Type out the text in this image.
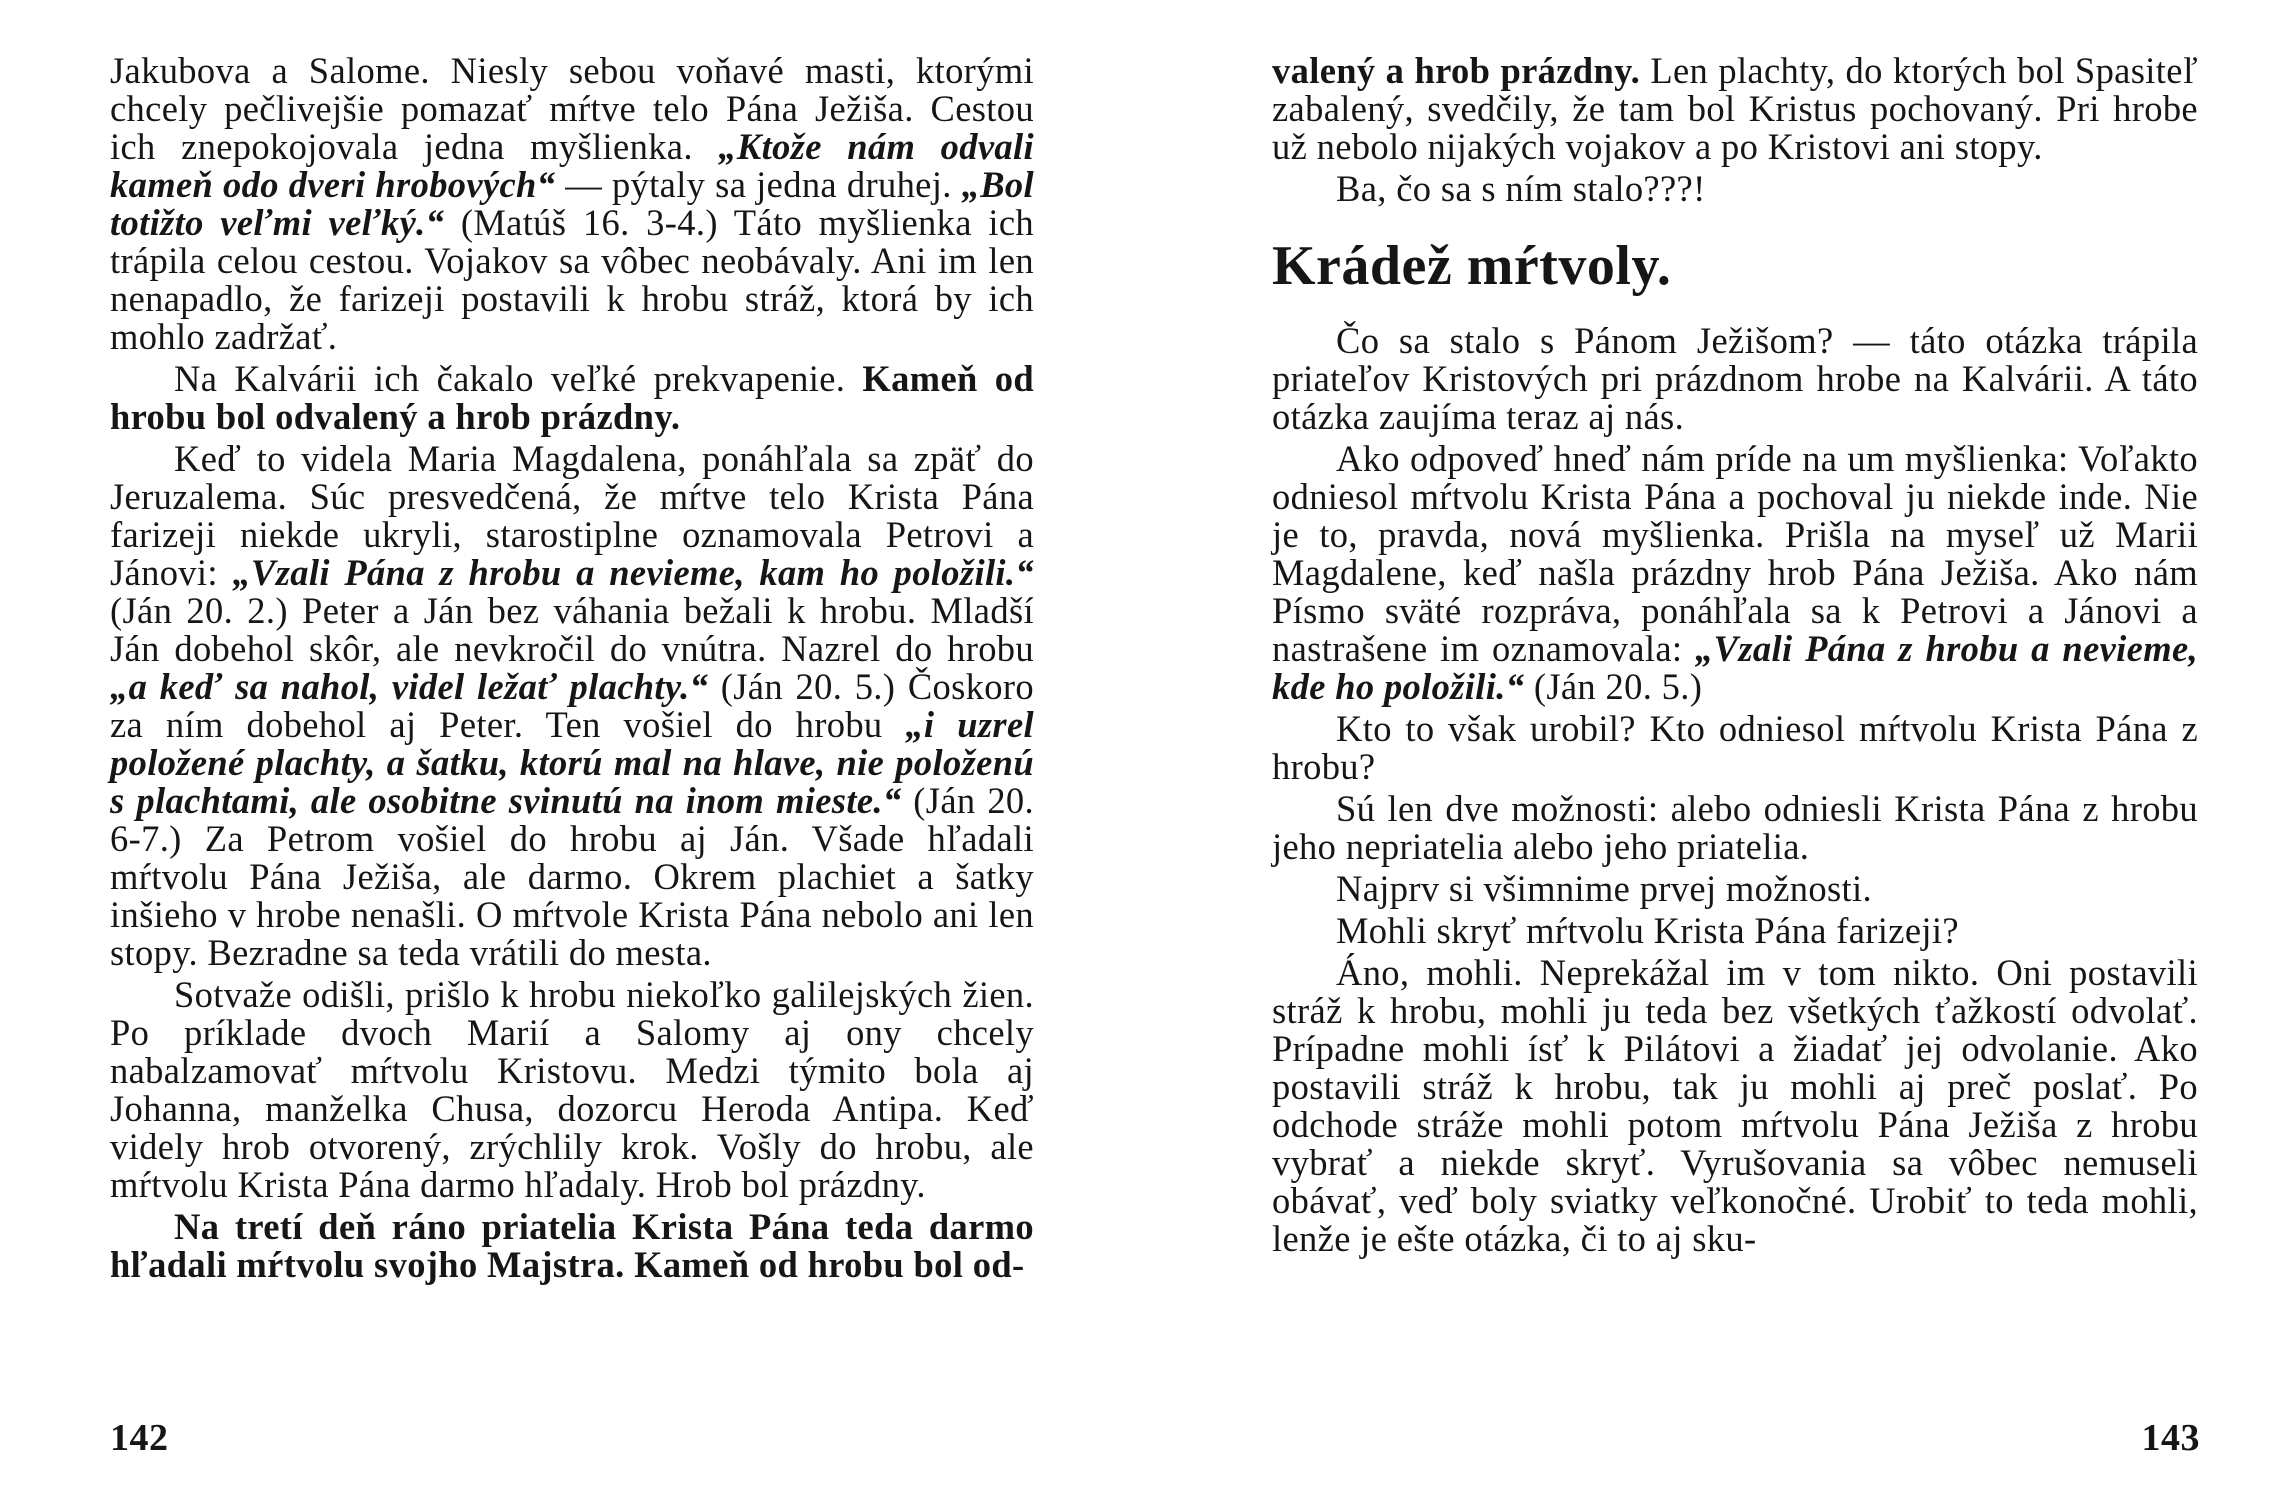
Jakubova a Salome. Niesly sebou voňavé masti, ktorými chcely pečlivejšie pomazať mŕtve telo Pána Ježiša. Cestou ich znepokojovala jedna myšlienka. „Ktože nám odvali kameň odo dveri hrobových“ — pýtaly sa jedna druhej. „Bol totižto veľmi veľký.“ (Matúš 16. 3-4.) Táto myšlienka ich trápila celou cestou. Vojakov sa vôbec neobávaly. Ani im len nenapadlo, že farizeji postavili k hrobu stráž, ktorá by ich mohlo zadržať.

Na Kalvárii ich čakalo veľké prekvapenie. Kameň od hrobu bol odvalený a hrob prázdny.

Keď to videla Maria Magdalena, ponáhľala sa zpäť do Jeruzalema. Súc presvedčená, že mŕtve telo Krista Pána farizeji niekde ukryli, starostiplne oznamovala Petrovi a Jánovi: „Vzali Pána z hrobu a nevieme, kam ho položili.“ (Ján 20. 2.) Peter a Ján bez váhania bežali k hrobu. Mladší Ján dobehol skôr, ale nevkročil do vnútra. Nazrel do hrobu „a keď sa nahol, videl ležať plachty.“ (Ján 20. 5.) Čoskoro za ním dobehol aj Peter. Ten vošiel do hrobu „i uzrel položené plachty, a šatku, ktorú mal na hlave, nie položenú s plachtami, ale osobitne svinutú na inom mieste.“ (Ján 20. 6-7.) Za Petrom vošiel do hrobu aj Ján. Všade hľadali mŕtvolu Pána Ježiša, ale darmo. Okrem plachiet a šatky inšieho v hrobe nenašli. O mŕtvole Krista Pána nebolo ani len stopy. Bezradne sa teda vrátili do mesta.

Sotvaže odišli, prišlo k hrobu niekoľko galilejských žien. Po príklade dvoch Marií a Salomy aj ony chcely nabalzamovať mŕtvolu Kristovu. Medzi týmito bola aj Johanna, manželka Chusa, dozorcu Heroda Antipa. Keď videly hrob otvorený, zrýchlily krok. Vošly do hrobu, ale mŕtvolu Krista Pána darmo hľadaly. Hrob bol prázdny.

Na tretí deň ráno priatelia Krista Pána teda darmo hľadali mŕtvolu svojho Majstra. Kameň od hrobu bol od-

142

valený a hrob prázdny. Len plachty, do ktorých bol Spasiteľ zabalený, svedčily, že tam bol Kristus pochovaný. Pri hrobe už nebolo nijakých vojakov a po Kristovi ani stopy.

Ba, čo sa s ním stalo???!

Krádež mŕtvoly.

Čo sa stalo s Pánom Ježišom? — táto otázka trápila priateľov Kristových pri prázdnom hrobe na Kalvárii. A táto otázka zaujíma teraz aj nás.

Ako odpoveď hneď nám príde na um myšlienka: Voľakto odniesol mŕtvolu Krista Pána a pochoval ju niekde inde. Nie je to, pravda, nová myšlienka. Prišla na myseľ už Marii Magdalene, keď našla prázdny hrob Pána Ježiša. Ako nám Písmo sväté rozpráva, ponáhľala sa k Petrovi a Jánovi a nastrašene im oznamovala: „Vzali Pána z hrobu a nevieme, kde ho položili.“ (Ján 20. 5.)

Kto to však urobil? Kto odniesol mŕtvolu Krista Pána z hrobu?

Sú len dve možnosti: alebo odniesli Krista Pána z hrobu jeho nepriatelia alebo jeho priatelia.

Najprv si všimnime prvej možnosti.

Mohli skryť mŕtvolu Krista Pána farizeji?

Áno, mohli. Neprekážal im v tom nikto. Oni postavili stráž k hrobu, mohli ju teda bez všetkých ťažkostí odvolať. Prípadne mohli ísť k Pilátovi a žiadať jej odvolanie. Ako postavili stráž k hrobu, tak ju mohli aj preč poslať. Po odchode stráže mohli potom mŕtvolu Pána Ježiša z hrobu vybrať a niekde skryť. Vyrušovania sa vôbec nemuseli obávať, veď boly sviatky veľkonočné. Urobiť to teda mohli, lenže je ešte otázka, či to aj sku-

143
